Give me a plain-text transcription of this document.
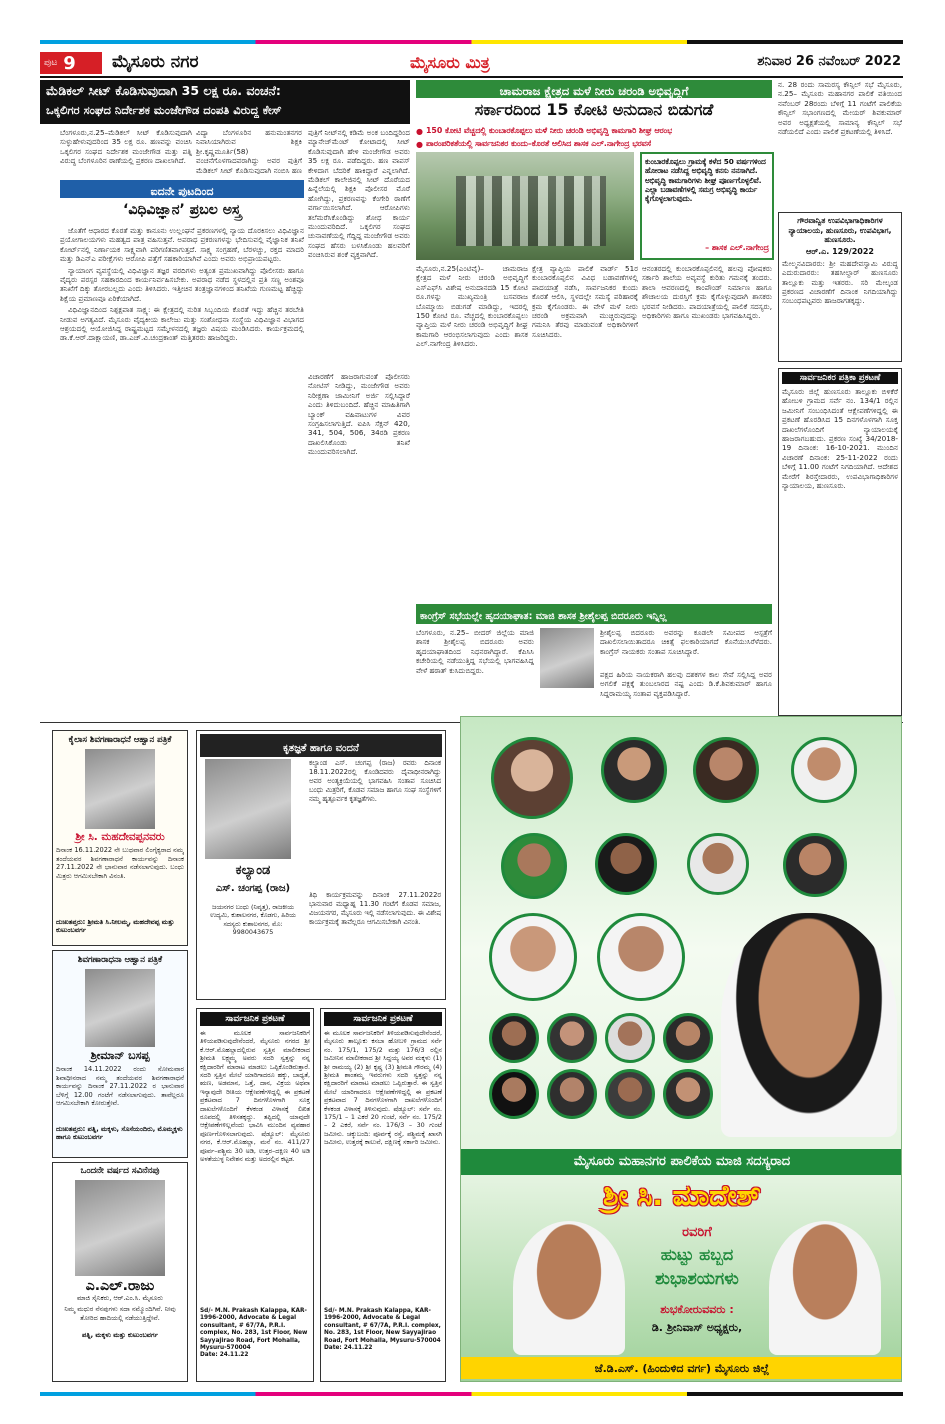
ಪುಟ 9 ಮೈಸೂರು ನಗರ	ಮೈಸೂರು ಮಿತ್ರ	ಶನಿವಾರ 26 ನವೆಂಬರ್ 2022
ಮೆಡಿಕಲ್ ಸೀಟ್ ಕೊಡಿಸುವುದಾಗಿ 35 ಲಕ್ಷ ರೂ. ವಂಚನೆ:
ಒಕ್ಕಲಿಗರ ಸಂಘದ ನಿರ್ದೇಶಕ ಮಂಜೇಗೌಡ ದಂಪತಿ ವಿರುದ್ಧ ಕೇಸ್
ಬೆಂಗಳೂರು,ನ.25–ಮೆಡಿಕಲ್ ಸೀಟ್ ಕೊಡಿಸುವುದಾಗಿ ಸುಳ್ಳುಹೇಳುವುದರಿಂದ 35 ಲಕ್ಷ ರೂ. ಹಣವನ್ನು ವಂಚಿಸಿ ಒಕ್ಕಲಿಗರ ಸಂಘದ ನಿರ್ದೇಶಕ ಮಂಜೇಗೌಡ ಮತ್ತು ಪತ್ನಿ ವಿರುದ್ಧ ಬೆಂಗಳೂರಿನ ಠಾಣೆಯಲ್ಲಿ ಪ್ರಕರಣ ದಾಖಲಾಗಿದೆ.
ವಿದ್ಯಾ ಬೆಂಗಳೂರಿನ ಹನುಮಂತನಗರ ನಿವಾಸಿಯಾಗಿರುವ ಶಿಕ್ಷಕಿ ಶ್ರೀ.ಕೃಷ್ಣಮೂರ್ತಿ(58) ವಂಚನೆಗೊಳಗಾದವರಾಗಿದ್ದು ಅವರ ಪುತ್ರಿಗೆ ಮೆಡಿಕಲ್ ಸೀಟ್ ಕೊಡಿಸುವುದಾಗಿ ನಂಬಿಸಿ ಹಣ
ಪುತ್ರಿಗೆ ನೀಟ್‌ನಲ್ಲಿ ಕಡಿಮೆ ಅಂಕ ಬಂದಿದ್ದರಿಂದ ಮ್ಯಾನೇಜ್‌ಮೆಂಟ್ ಕೋಟಾದಲ್ಲಿ ಸೀಟ್ ಕೊಡಿಸುವುದಾಗಿ ಹೇಳಿ ಮಂಜೇಗೌಡ ಅವರು 35 ಲಕ್ಷ ರೂ. ಪಡೆದಿದ್ದರು. ಹಣ ವಾಪಸ್ ಕೇಳಿದಾಗ ಬೆದರಿಕೆ ಹಾಕಿದ್ದಾರೆ ಎನ್ನಲಾಗಿದೆ. ಮೆಡಿಕಲ್ ಕಾಲೇಜಿನಲ್ಲಿ ಸೀಟ್ ದೊರೆಯದ ಹಿನ್ನೆಲೆಯಲ್ಲಿ ಶಿಕ್ಷಕಿ ಪೊಲೀಸರ ಮೊರೆ ಹೋಗಿದ್ದು, ಪ್ರಕರಣವನ್ನು ಕೆಂಗೇರಿ ಠಾಣೆಗೆ ವರ್ಗಾಯಿಸಲಾಗಿದೆ. ಆರೋಪಿಗಳು ತಲೆಮರೆಸಿಕೊಂಡಿದ್ದು ಶೋಧ ಕಾರ್ಯ ಮುಂದುವರಿದಿದೆ. ಒಕ್ಕಲಿಗರ ಸಂಘದ ಚುನಾವಣೆಯಲ್ಲಿ ಗೆದ್ದಿದ್ದ ಮಂಜೇಗೌಡ ಅವರು ಸಂಘದ ಹೆಸರು ಬಳಸಿಕೊಂಡು ಹಲವರಿಗೆ ವಂಚಿಸಿರುವ ಶಂಕೆ ವ್ಯಕ್ತವಾಗಿದೆ.
ವಿಚಾರಣೆಗೆ ಹಾಜರಾಗುವಂತೆ ಪೊಲೀಸರು ನೋಟಿಸ್ ನೀಡಿದ್ದು, ಮಂಜೇಗೌಡ ಅವರು ನಿರೀಕ್ಷಣಾ ಜಾಮೀನಿಗೆ ಅರ್ಜಿ ಸಲ್ಲಿಸಿದ್ದಾರೆ ಎಂದು ತಿಳಿದುಬಂದಿದೆ. ಹೆಚ್ಚಿನ ಮಾಹಿತಿಗಾಗಿ ಬ್ಯಾಂಕ್ ವಹಿವಾಟುಗಳ ವಿವರ ಸಂಗ್ರಹಿಸಲಾಗುತ್ತಿದೆ. ಐಪಿಸಿ ಸೆಕ್ಷನ್ 420, 341, 504, 506, 34ರಡಿ ಪ್ರಕರಣ ದಾಖಲಿಸಿಕೊಂಡು ತನಿಖೆ ಮುಂದುವರಿಸಲಾಗಿದೆ.
ಐದನೇ ಪುಟದಿಂದ
‘ವಿಧಿವಿಜ್ಞಾನ’ ಪ್ರಬಲ ಅಸ್ತ್ರ

ಜೊತೆಗೆ ಆಧಾರದ ಕೊರತೆ ಮತ್ತು ಕಾನೂನು ಉಲ್ಲಂಘನೆ ಪ್ರಕರಣಗಳಲ್ಲಿ ನ್ಯಾಯ ದೊರಕಿಸಲು ವಿಧಿವಿಜ್ಞಾನ ಪ್ರಯೋಗಾಲಯಗಳು ಮಹತ್ವದ ಪಾತ್ರ ವಹಿಸುತ್ತವೆ. ಅಪರಾಧ ಪ್ರಕರಣಗಳನ್ನು ಭೇದಿಸುವಲ್ಲಿ ವೈಜ್ಞಾನಿಕ ತನಿಖೆ ಕೋರ್ಟ್‌ನಲ್ಲಿ ನಿರ್ಣಾಯಕ ಸಾಕ್ಷ್ಯವಾಗಿ ಪರಿಗಣಿತವಾಗುತ್ತದೆ. ಸಾಕ್ಷ್ಯ ಸಂಗ್ರಹಣೆ, ಬೆರಳಚ್ಚು, ರಕ್ತದ ಮಾದರಿ ಮತ್ತು ಡಿಎನ್‌ಎ ಪರೀಕ್ಷೆಗಳು ಆರೋಪಿ ಪತ್ತೆಗೆ ಸಹಕಾರಿಯಾಗಿವೆ ಎಂದು ಅವರು ಅಭಿಪ್ರಾಯಪಟ್ಟರು.

ನ್ಯಾಯಾಂಗ ವ್ಯವಸ್ಥೆಯಲ್ಲಿ ವಿಧಿವಿಜ್ಞಾನ ತಜ್ಞರ ವರದಿಗಳು ಅತ್ಯಂತ ಪ್ರಮುಖವಾಗಿದ್ದು ಪೊಲೀಸರು ಹಾಗೂ ವೈದ್ಯರು ಪರಸ್ಪರ ಸಹಕಾರದಿಂದ ಕಾರ್ಯನಿರ್ವಹಿಸಬೇಕು. ಅಪರಾಧ ನಡೆದ ಸ್ಥಳದಲ್ಲಿನ ಪ್ರತಿ ಸಣ್ಣ ಅಂಶವೂ ತನಿಖೆಗೆ ದಿಕ್ಕು ತೋರಬಲ್ಲದು ಎಂದು ತಿಳಿಸಿದರು. ಇತ್ತೀಚಿನ ತಂತ್ರಜ್ಞಾನಗಳಿಂದ ತನಿಖೆಯ ಗುಣಮಟ್ಟ ಹೆಚ್ಚಿದ್ದು ಶಿಕ್ಷೆಯ ಪ್ರಮಾಣವೂ ಏರಿಕೆಯಾಗಿದೆ.

ವಿಧಿವಿಜ್ಞಾನದಿಂದ ನಿಶ್ಪಕ್ಷಪಾತ ಸಾಕ್ಷ್ಯ: ಈ ಕ್ಷೇತ್ರದಲ್ಲಿ ನುರಿತ ಸಿಬ್ಬಂದಿಯ ಕೊರತೆ ಇದ್ದು ಹೆಚ್ಚಿನ ತರಬೇತಿ ನೀಡುವ ಅಗತ್ಯವಿದೆ. ಮೈಸೂರು ವೈದ್ಯಕೀಯ ಕಾಲೇಜು ಮತ್ತು ಸಂಶೋಧನಾ ಸಂಸ್ಥೆಯ ವಿಧಿವಿಜ್ಞಾನ ವಿಭಾಗದ ಆಶ್ರಯದಲ್ಲಿ ಆಯೋಜಿಸಿದ್ದ ರಾಷ್ಟ್ರಮಟ್ಟದ ಸಮ್ಮೇಳನದಲ್ಲಿ ತಜ್ಞರು ವಿಷಯ ಮಂಡಿಸಿದರು. ಕಾರ್ಯಕ್ರಮದಲ್ಲಿ ಡಾ.ಕೆ.ಆರ್.ದಾಕ್ಷಾಯಣಿ, ಡಾ.ಎಚ್.ವಿ.ಚಂದ್ರಕಾಂತ್ ಮತ್ತಿತರರು ಹಾಜರಿದ್ದರು.

ಚಾಮರಾಜ ಕ್ಷೇತ್ರದ ಮಳೆ ನೀರು ಚರಂಡಿ ಅಭಿವೃದ್ಧಿಗೆ
ಸರ್ಕಾರದಿಂದ 15 ಕೋಟಿ ಅನುದಾನ ಬಿಡುಗಡೆ
● 150 ಕೋಟಿ ವೆಚ್ಚದಲ್ಲಿ ಕುಂಬಾರಕೊಪ್ಪಲು ಮಳೆ ನೀರು ಚರಂಡಿ ಅಭಿವೃದ್ಧಿ ಕಾಮಗಾರಿ ಶೀಘ್ರ ಆರಂಭ
● ಪಾರಂಪರಿಕತೆಯಲ್ಲಿ ಸಾರ್ವಜನಿಕರ ಕುಂದು–ಕೊರತೆ ಆಲಿಸಿದ ಶಾಸಕ ಎಲ್.ನಾಗೇಂದ್ರ ಭರವಸೆ
ಮೈಸೂರು,ನ.25(ಎಂಟಿವೈ)– ಚಾಮರಾಜ ಕ್ಷೇತ್ರದ ಮಳೆ ನೀರು ಚರಂಡಿ ಅಭಿವೃದ್ಧಿಗೆ ಎಸ್‌ಎಫ್‌ಸಿ ವಿಶೇಷ ಅನುದಾನದಡಿ 15 ಕೋಟಿ ರೂ.ಗಳನ್ನು ಮುಖ್ಯಮಂತ್ರಿ ಬಸವರಾಜ ಬೊಮ್ಮಾಯಿ ಬಿಡುಗಡೆ ಮಾಡಿದ್ದು, ಇದರಲ್ಲಿ 150 ಕೋಟಿ ರೂ. ವೆಚ್ಚದಲ್ಲಿ ಕುಂಬಾರಕೊಪ್ಪಲು ವ್ಯಾಪ್ತಿಯ ಮಳೆ ನೀರು ಚರಂಡಿ ಅಭಿವೃದ್ಧಿಗೆ ಶೀಘ್ರ ಕಾಮಗಾರಿ ಆರಂಭಿಸಲಾಗುವುದು ಎಂದು ಶಾಸಕ ಎಲ್.ನಾಗೇಂದ್ರ ತಿಳಿಸಿದರು.
ಕ್ಷೇತ್ರ ವ್ಯಾಪ್ತಿಯ ಪಾಲಿಕೆ ವಾರ್ಡ್ 51ರ ಕುಂಬಾರಕೊಪ್ಪಲಿನ ವಿವಿಧ ಬಡಾವಣೆಗಳಲ್ಲಿ ಪಾದಯಾತ್ರೆ ನಡೆಸಿ, ಸಾರ್ವಜನಿಕರ ಕುಂದು ಕೊರತೆ ಆಲಿಸಿ, ಸ್ಥಳದಲ್ಲೇ ಸಮಸ್ಯೆ ಪರಿಹಾರಕ್ಕೆ ಕ್ರಮ ಕೈಗೊಂಡರು. ಈ ವೇಳೆ ಮಳೆ ನೀರು ಚರಂಡಿ ಅಕ್ರಮವಾಗಿ ಮುಚ್ಚಿರುವುದನ್ನು ಗಮನಿಸಿ ತೆರವು ಮಾಡುವಂತೆ ಅಧಿಕಾರಿಗಳಿಗೆ ಸೂಚಿಸಿದರು.
ಆನಂತರದಲ್ಲಿ ಕುಂಬಾರಕೊಪ್ಪಲಿನಲ್ಲಿ ಹಲವು ಪೋಷಕರು ಸರ್ಕಾರಿ ಶಾಲೆಯ ಅವ್ಯವಸ್ಥೆ ಕುರಿತು ಗಮನಕ್ಕೆ ತಂದರು. ಶಾಲಾ ಆವರಣದಲ್ಲಿ ಕಾಂಪೌಂಡ್ ನಿರ್ಮಾಣ ಹಾಗೂ ಶೌಚಾಲಯ ದುರಸ್ತಿಗೆ ಕ್ರಮ ಕೈಗೊಳ್ಳುವುದಾಗಿ ಶಾಸಕರು ಭರವಸೆ ನೀಡಿದರು. ಪಾದಯಾತ್ರೆಯಲ್ಲಿ ಪಾಲಿಕೆ ಸದಸ್ಯರು, ಅಧಿಕಾರಿಗಳು ಹಾಗೂ ಮುಖಂಡರು ಭಾಗವಹಿಸಿದ್ದರು.
ಕುಂಬಾರಕೊಪ್ಪಲು ಗ್ರಾಮಕ್ಕೆ ಕಳೆದ 50 ವರ್ಷಗಳಿಂದ ಹೋರಾಟ ನಡೆಸಿದ್ದ ಅಭಿವೃದ್ಧಿ ಕನಸು ನನಸಾಗಿದೆ. ಅಭಿವೃದ್ಧಿ ಕಾಮಗಾರಿಗಳು ಶೀಘ್ರ ಪೂರ್ಣಗೊಳ್ಳಲಿವೆ. ಎಲ್ಲಾ ಬಡಾವಣೆಗಳಲ್ಲಿ ಸಮಗ್ರ ಅಭಿವೃದ್ಧಿ ಕಾರ್ಯ ಕೈಗೊಳ್ಳಲಾಗುವುದು.
– ಶಾಸಕ ಎಲ್.ನಾಗೇಂದ್ರ
ನ. 28 ರಂದು ಸಾಮರಸ್ಯ ಕೌನ್ಸಿಲ್ ಸಭೆ ಮೈಸೂರು, ನ.25– ಮೈಸೂರು ಮಹಾನಗರ ಪಾಲಿಕೆ ವತಿಯಿಂದ ನವೆಂಬರ್ 28ರಂದು ಬೆಳಿಗ್ಗೆ 11 ಗಂಟೆಗೆ ಪಾಲಿಕೆಯ ಕೌನ್ಸಿಲ್ ಸಭಾಂಗಣದಲ್ಲಿ ಮೇಯರ್ ಶಿವಕುಮಾರ್ ಅವರ ಅಧ್ಯಕ್ಷತೆಯಲ್ಲಿ ಸಾಮಾನ್ಯ ಕೌನ್ಸಿಲ್ ಸಭೆ ನಡೆಯಲಿದೆ ಎಂದು ಪಾಲಿಕೆ ಪ್ರಕಟಣೆಯಲ್ಲಿ ತಿಳಿಸಿದೆ.
ಗೌರವಾನ್ವಿತ ಉಪವಿಭಾಗಾಧಿಕಾರಿಗಳ ನ್ಯಾಯಾಲಯ, ಹುಣಸೂರು, ಉಪವಿಭಾಗ, ಹುಣಸೂರು.
ಆರ್.ಎ. 129/2022
ಮೇಲ್ಮನವಿದಾರರು: ಶ್ರೀ ಮಹದೇವಸ್ವಾಮಿ ವಿರುದ್ಧ ಎದುರುದಾರರು: ತಹಸೀಲ್ದಾರ್ ಹುಣಸೂರು ತಾಲ್ಲೂಕು ಮತ್ತು ಇತರರು. ಸರಿ ಮೇಲ್ಕಂಡ ಪ್ರಕರಣದ ವಿಚಾರಣೆಗೆ ದಿನಾಂಕ ನಿಗದಿಯಾಗಿದ್ದು ಸಂಬಂಧಪಟ್ಟವರು ಹಾಜರಾಗತಕ್ಕದ್ದು.
ಸಾರ್ವಜನಿಕರ ಪತ್ರಿಕಾ ಪ್ರಕಟಣೆ
ಮೈಸೂರು ಜಿಲ್ಲೆ ಹುಣಸೂರು ತಾಲ್ಲೂಕು ಬಿಳಿಕೆರೆ ಹೋಬಳಿ ಗ್ರಾಮದ ಸರ್ವೆ ನಂ. 134/1 ರಲ್ಲಿನ ಜಮೀನಿಗೆ ಸಂಬಂಧಿಸಿದಂತೆ ಆಕ್ಷೇಪಣೆಗಳಿದ್ದಲ್ಲಿ ಈ ಪ್ರಕಟಣೆ ಹೊರಡಿಸಿದ 15 ದಿನಗಳೊಳಗಾಗಿ ಸೂಕ್ತ ದಾಖಲೆಗಳೊಂದಿಗೆ ನ್ಯಾಯಾಲಯಕ್ಕೆ ಹಾಜರಾಗಬಹುದು. ಪ್ರಕರಣ ಸಂಖ್ಯೆ 34/2018-19 ದಿನಾಂಕ: 16-10-2021. ಮುಂದಿನ ವಿಚಾರಣೆ ದಿನಾಂಕ: 25-11-2022 ರಂದು ಬೆಳಿಗ್ಗೆ 11.00 ಗಂಟೆಗೆ ನಿಗದಿಯಾಗಿದೆ. ಆದೇಶದ ಮೇರೆಗೆ ಶಿರಸ್ತೇದಾರರು, ಉಪವಿಭಾಗಾಧಿಕಾರಿಗಳ ನ್ಯಾಯಾಲಯ, ಹುಣಸೂರು.
ಕಾಂಗ್ರೆಸ್ ಸಭೆಯಲ್ಲೇ ಹೃದಯಾಘಾತ: ಮಾಜಿ ಶಾಸಕ ಶ್ರೀಶೈಲಪ್ಪ ಬಿದರೂರು ಇನ್ನಿಲ್ಲ
ಬೆಂಗಳೂರು, ನ.25– ಬೀದರ್ ಜಿಲ್ಲೆಯ ಮಾಜಿ ಶಾಸಕ ಶ್ರೀಶೈಲಪ್ಪ ಬಿದರೂರು ಅವರು ಹೃದಯಾಘಾತದಿಂದ ನಿಧನರಾಗಿದ್ದಾರೆ. ಕೆಪಿಸಿಸಿ ಕಚೇರಿಯಲ್ಲಿ ನಡೆಯುತ್ತಿದ್ದ ಸಭೆಯಲ್ಲಿ ಭಾಗವಹಿಸಿದ್ದ ವೇಳೆ ಹಠಾತ್ ಕುಸಿದುಬಿದ್ದರು.
ಶ್ರೀಶೈಲಪ್ಪ ಬಿದರೂರು ಅವರನ್ನು ಕೂಡಲೇ ಸಮೀಪದ ಆಸ್ಪತ್ರೆಗೆ ದಾಖಲಿಸಲಾಯಿತಾದರೂ ಚಿಕಿತ್ಸೆ ಫಲಕಾರಿಯಾಗದೆ ಕೊನೆಯುಸಿರೆಳೆದರು. ಕಾಂಗ್ರೆಸ್ ನಾಯಕರು ಸಂತಾಪ ಸೂಚಿಸಿದ್ದಾರೆ.
ಪಕ್ಷದ ಹಿರಿಯ ನಾಯಕರಾಗಿ ಹಲವು ದಶಕಗಳ ಕಾಲ ಸೇವೆ ಸಲ್ಲಿಸಿದ್ದ ಅವರ ಅಗಲಿಕೆ ಪಕ್ಷಕ್ಕೆ ತುಂಬಲಾರದ ನಷ್ಟ ಎಂದು ಡಿ.ಕೆ.ಶಿವಕುಮಾರ್ ಹಾಗೂ ಸಿದ್ದರಾಮಯ್ಯ ಸಂತಾಪ ವ್ಯಕ್ತಪಡಿಸಿದ್ದಾರೆ.
ಕೈಲಾಸ ಶಿವಗಣಾರಾಧನೆ ಆಹ್ವಾನ ಪತ್ರಿಕೆ
ಶ್ರೀ ಸಿ. ಮಹದೇವಪ್ಪನವರು
ದಿನಾಂಕ 16.11.2022 ನೇ ಬುಧವಾರ ಲಿಂಗೈಕ್ಯರಾದ ನಮ್ಮ ತಂದೆಯವರ ಶಿವಗಣಾರಾಧನೆ ಕಾರ್ಯವನ್ನು ದಿನಾಂಕ 27.11.2022 ನೇ ಭಾನುವಾರ ನಡೆಸಲಾಗುವುದು. ಬಂಧು ಮಿತ್ರರು ಆಗಮಿಸಬೇಕಾಗಿ ವಿನಂತಿ.
ದುಃಖತಪ್ತರು: ಶ್ರೀಮತಿ ಸಿ.ನೀಲಮ್ಮ, ಮಹದೇವಪ್ಪ ಮತ್ತು ಕುಟುಂಬವರ್ಗ
ಶಿವಗಣಾರಾಧನಾ ಆಹ್ವಾನ ಪತ್ರಿಕೆ
ಶ್ರೀಮಾನ್ ಬಸಪ್ಪ
ದಿನಾಂಕ 14.11.2022 ರಂದು ಸೋಮವಾರ ಶಿವಾಧೀನರಾದ ನಮ್ಮ ತಂದೆಯವರ ಶಿವಗಣಾರಾಧನೆ ಕಾರ್ಯವನ್ನು ದಿನಾಂಕ 27.11.2022 ರ ಭಾನುವಾರ ಬೆಳಿಗ್ಗೆ 12.00 ಗಂಟೆಗೆ ನಡೆಸಲಾಗುವುದು. ತಾವೆಲ್ಲರೂ ಆಗಮಿಸಬೇಕಾಗಿ ಕೋರುತ್ತೇವೆ.
ದುಃಖತಪ್ತರು: ಪತ್ನಿ, ಮಕ್ಕಳು, ಸೊಸೆಯಂದಿರು, ಮೊಮ್ಮಕ್ಕಳು ಹಾಗೂ ಕುಟುಂಬವರ್ಗ
ಒಂದನೇ ವರ್ಷದ ಸವಿನೆನಪು
ಎ.ಎಲ್.ರಾಜು
ಮಾಜಿ ಸೈನಿಕರು, ಆರ್.ಎಂ.ಸಿ. ಮೈಸೂರು
ನಿಮ್ಮ ಮಧುರ ನೆನಪುಗಳು ಸದಾ ನಮ್ಮೊಂದಿಗಿವೆ. ನೀವು ತೋರಿದ ಹಾದಿಯಲ್ಲಿ ನಡೆಯುತ್ತಿದ್ದೇವೆ.
ಪತ್ನಿ, ಮಕ್ಕಳು ಮತ್ತು ಕುಟುಂಬವರ್ಗ
ಕೃತಜ್ಞತೆ ಹಾಗೂ ವಂದನೆ
ಕಲ್ಯಾಂಡ
ಎಸ್. ಚಂಗಪ್ಪ (ರಾಜ)
ಜಯನಗರ ಬಂಧು (ನಿವೃತ್ತ), ರಾಜಕೀಯ ಉದ್ಯಮಿ, ಕುಶಾಲನಗರ, ಕೊಡಗು, ಹಿರಿಯ ಸದಸ್ಯರು ಕುಶಾಲನಗರ, ಮೊ: 9980043675
ಕಲ್ಯಾಂಡ ಎಸ್. ಚಂಗಪ್ಪ (ರಾಜ) ರವರು ದಿನಾಂಕ 18.11.2022ರಲ್ಲಿ ಕೊಂಡಿದವರು ದೈವಾಧೀನರಾಗಿದ್ದು ಅವರ ಅಂತ್ಯಕ್ರಿಯೆಯಲ್ಲಿ ಭಾಗವಹಿಸಿ ಸಂತಾಪ ಸೂಚಿಸಿದ ಬಂಧು ಮಿತ್ರರಿಗೆ, ಕೊಡವ ಸಮಾಜ ಹಾಗೂ ಸಂಘ ಸಂಸ್ಥೆಗಳಿಗೆ ನಮ್ಮ ಹೃತ್ಪೂರ್ವಕ ಕೃತಜ್ಞತೆಗಳು.
ತಿಥಿ ಕಾರ್ಯಕ್ರಮವನ್ನು ದಿನಾಂಕ 27.11.2022ರ ಭಾನುವಾರ ಮಧ್ಯಾಹ್ನ 11.30 ಗಂಟೆಗೆ ಕೊಡವ ಸಮಾಜ, ವಿಜಯನಗರ, ಮೈಸೂರು ಇಲ್ಲಿ ನಡೆಸಲಾಗುವುದು. ಈ ವಿಶೇಷ ಕಾರ್ಯಕ್ರಮಕ್ಕೆ ತಾವೆಲ್ಲರೂ ಆಗಮಿಸಬೇಕಾಗಿ ವಿನಂತಿ.
ಸಾರ್ವಜನಿಕ ಪ್ರಕಟಣೆ
ಈ ಮೂಲಕ ಸಾರ್ವಜನಿಕರಿಗೆ ತಿಳಿಯಪಡಿಸುವುದೇನೆಂದರೆ, ಮೈಸೂರು ನಗರದ ಶ್ರೀ ಕೆ.ಆರ್.ಮೊಹಲ್ಲಾದಲ್ಲಿರುವ ಸ್ವತ್ತಿನ ಮಾಲೀಕರಾದ ಶ್ರೀಮತಿ ಲಕ್ಷ್ಮಮ್ಮ ಅವರು ಸದರಿ ಸ್ವತ್ತನ್ನು ನನ್ನ ಕಕ್ಷಿದಾರರಿಗೆ ಮಾರಾಟ ಮಾಡಲು ಒಪ್ಪಿಕೊಂಡಿರುತ್ತಾರೆ. ಸದರಿ ಸ್ವತ್ತಿನ ಮೇಲೆ ಯಾರಿಗಾದರೂ ಹಕ್ಕು, ಬಾಧ್ಯತೆ, ಋಣ, ಅಡಮಾನ, ಒತ್ತೆ, ದಾನ, ವಿಕ್ರಯ ಅಥವಾ ಇನ್ಯಾವುದೇ ರೀತಿಯ ಆಕ್ಷೇಪಣೆಗಳಿದ್ದಲ್ಲಿ ಈ ಪ್ರಕಟಣೆ ಪ್ರಕಟವಾದ 7 ದಿನಗಳೊಳಗಾಗಿ ಸೂಕ್ತ ದಾಖಲೆಗಳೊಂದಿಗೆ ಕೆಳಕಂಡ ವಿಳಾಸಕ್ಕೆ ಲಿಖಿತ ರೂಪದಲ್ಲಿ ತಿಳಿಸತಕ್ಕದ್ದು. ತಪ್ಪಿದಲ್ಲಿ ಯಾವುದೇ ಆಕ್ಷೇಪಣೆಗಳಿಲ್ಲವೆಂದು ಭಾವಿಸಿ ಮುಂದಿನ ವ್ಯವಹಾರ ಪೂರ್ಣಗೊಳಿಸಲಾಗುವುದು. ಷೆಡ್ಯೂಲ್: ಮೈಸೂರು ನಗರ, ಕೆ.ಆರ್.ಮೊಹಲ್ಲಾ, ಮನೆ ನಂ. 411/27 ಪೂರ್ವ–ಪಶ್ಚಿಮ 30 ಅಡಿ, ಉತ್ತರ–ದಕ್ಷಿಣ 40 ಅಡಿ ಅಳತೆಯುಳ್ಳ ನಿವೇಶನ ಮತ್ತು ಅದರಲ್ಲಿನ ಕಟ್ಟಡ.
Sd/- M.N. Prakash Kalappa, KAR-1996-2000, Advocate & Legal consultant, # 67/7A, P.R.I. complex, No. 283, 1st Floor, New Sayyajirao Road, Fort Mohalla, Mysuru-570004
Date: 24.11.22
ಸಾರ್ವಜನಿಕ ಪ್ರಕಟಣೆ
ಈ ಮೂಲಕ ಸಾರ್ವಜನಿಕರಿಗೆ ತಿಳಿಯಪಡಿಸುವುದೇನೆಂದರೆ, ಮೈಸೂರು ತಾಲ್ಲೂಕು ಕಸಬಾ ಹೋಬಳಿ ಗ್ರಾಮದ ಸರ್ವೆ ನಂ. 175/1, 175/2 ಮತ್ತು 176/3 ರಲ್ಲಿನ ಜಮೀನಿನ ಮಾಲೀಕರಾದ ಶ್ರೀ ಸಿದ್ದಯ್ಯ ಅವರ ಮಕ್ಕಳು (1) ಶ್ರೀ ರಾಮಯ್ಯ (2) ಶ್ರೀ ಕೃಷ್ಣ (3) ಶ್ರೀಮತಿ ಗೌರಮ್ಮ (4) ಶ್ರೀಮತಿ ಶಾಂತಮ್ಮ ಇವರುಗಳು ಸದರಿ ಸ್ವತ್ತನ್ನು ನನ್ನ ಕಕ್ಷಿದಾರರಿಗೆ ಮಾರಾಟ ಮಾಡಲು ಒಪ್ಪಿರುತ್ತಾರೆ. ಈ ಸ್ವತ್ತಿನ ಮೇಲೆ ಯಾರಿಗಾದರೂ ಆಕ್ಷೇಪಣೆಗಳಿದ್ದಲ್ಲಿ ಈ ಪ್ರಕಟಣೆ ಪ್ರಕಟವಾದ 7 ದಿನಗಳೊಳಗಾಗಿ ದಾಖಲೆಗಳೊಂದಿಗೆ ಕೆಳಕಂಡ ವಿಳಾಸಕ್ಕೆ ತಿಳಿಸುವುದು. ಷೆಡ್ಯೂಲ್: ಸರ್ವೆ ನಂ. 175/1 – 1 ಎಕರೆ 20 ಗುಂಟೆ, ಸರ್ವೆ ನಂ. 175/2 – 2 ಎಕರೆ, ಸರ್ವೆ ನಂ. 176/3 – 30 ಗುಂಟೆ ಜಮೀನು. ಚಕ್ಕುಬಂದಿ: ಪೂರ್ವಕ್ಕೆ ರಸ್ತೆ, ಪಶ್ಚಿಮಕ್ಕೆ ಖಾಸಗಿ ಜಮೀನು, ಉತ್ತರಕ್ಕೆ ಕಾಲುವೆ, ದಕ್ಷಿಣಕ್ಕೆ ಸರ್ಕಾರಿ ಜಮೀನು.
Sd/- M.N. Prakash Kalappa, KAR-1996-2000, Advocate & Legal consultant, # 67/7A, P.R.I. complex, No. 283, 1st Floor, New Sayyajirao Road, Fort Mohalla, Mysuru-570004
Date: 24.11.22
ಮೈಸೂರು ಮಹಾನಗರ ಪಾಲಿಕೆಯ ಮಾಜಿ ಸದಸ್ಯರಾದ
ಶ್ರೀ ಸಿ. ಮಾದೇಶ್
ರವರಿಗೆ
ಹುಟ್ಟು ಹಬ್ಬದ
ಶುಭಾಶಯಗಳು
ಶುಭಕೋರುವವರು :
ಡಿ. ಶ್ರೀನಿವಾಸ್ ಅಧ್ಯಕ್ಷರು,
ಜೆ.ಡಿ.ಎಸ್. (ಹಿಂದುಳಿದ ವರ್ಗ) ಮೈಸೂರು ಜಿಲ್ಲೆ
